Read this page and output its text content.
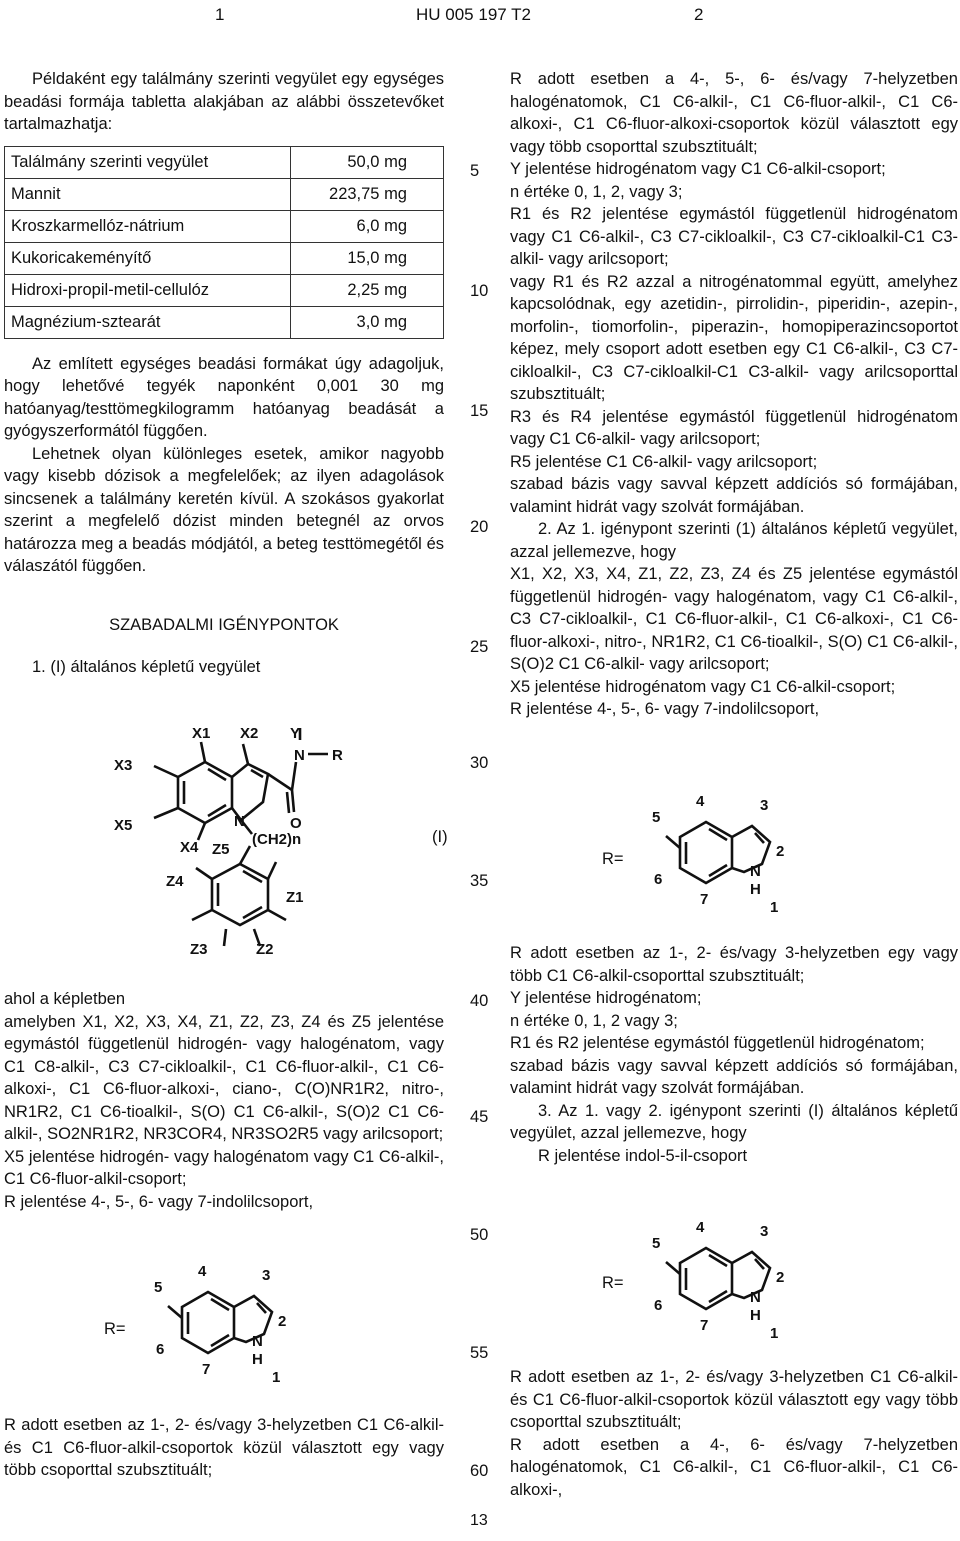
1	HU 005 197 T2	2
5
10
15
20
25
30
35
40
45
50
55
60

Példaként egy találmány szerinti vegyület egy egységes beadási formája tabletta alakjában az alábbi összetevőket tartalmazhatja:

Találmány szerinti vegyület	50,0 mg
Mannit	223,75 mg
Kroszkarmellóz-nátrium	6,0 mg
Kukoricakeményítő	15,0 mg
Hidroxi-propil-metil-cellulóz	2,25 mg
Magnézium-sztearát	3,0 mg

Az említett egységes beadási formákat úgy adagoljuk, hogy lehetővé tegyék naponként 0,001 30 mg hatóanyag/testtömegkilogramm hatóanyag beadását a gyógyszerformától függően.

Lehetnek olyan különleges esetek, amikor nagyobb vagy kisebb dózisok a megfelelőek; az ilyen adagolások sincsenek a találmány keretén kívül. A szokásos gyakorlat szerint a megfelelő dózist minden betegnél az orvos határozza meg a beadás módjától, a beteg testtömegétől és válaszától függően.

SZABADALMI IGÉNYPONTOK

1. (I) általános képletű vegyület

X1
X3
Y
X2
N R
X5	N	O
X4 Z5
(CH2)n
Z4
Z1
Z3	Z2
(I)

ahol a képletben

amelyben X1, X2, X3, X4, Z1, Z2, Z3, Z4 és Z5 jelentése egymástól függetlenül hidrogén- vagy halogénatom, vagy C1 C8-alkil-, C3 C7-cikloalkil-, C1 C6-fluor-alkil-, C1 C6-alkoxi-, C1 C6-fluor-alkoxi-, ciano-, C(O)NR1R2, nitro-, NR1R2, C1 C6-tioalkil-, S(O) C1 C6-alkil-, S(O)2 C1 C6-alkil-, SO2NR1R2, NR3COR4, NR3SO2R5 vagy arilcsoport;

X5 jelentése hidrogén- vagy halogénatom vagy C1 C6-alkil-, C1 C6-fluor-alkil-csoport;

R jelentése 4-, 5-, 6- vagy 7-indolilcsoport,

R=
4	3
5
2
6	N
H
7	1

R adott esetben az 1-, 2- és/vagy 3-helyzetben C1 C6-alkil- és C1 C6-fluor-alkil-csoportok közül választott egy vagy több csoporttal szubsztituált;

R adott esetben a 4-, 5-, 6- és/vagy 7-helyzetben halogénatomok, C1 C6-alkil-, C1 C6-fluor-alkil-, C1 C6-alkoxi-, C1 C6-fluor-alkoxi-csoportok közül választott egy vagy több csoporttal szubsztituált;

Y jelentése hidrogénatom vagy C1 C6-alkil-csoport;

n értéke 0, 1, 2, vagy 3;

R1 és R2 jelentése egymástól függetlenül hidrogénatom vagy C1 C6-alkil-, C3 C7-cikloalkil-, C3 C7-cikloalkil-C1 C3-alkil- vagy arilcsoport;

vagy R1 és R2 azzal a nitrogénatommal együtt, amelyhez kapcsolódnak, egy azetidin-, pirrolidin-, piperidin-, azepin-, morfolin-, tiomorfolin-, piperazin-, homopiperazincsoportot képez, mely csoport adott esetben egy C1 C6-alkil-, C3 C7-cikloalkil-, C3 C7-cikloalkil-C1 C3-alkil- vagy arilcsoporttal szubsztituált;

R3 és R4 jelentése egymástól függetlenül hidrogénatom vagy C1 C6-alkil- vagy arilcsoport;

R5 jelentése C1 C6-alkil- vagy arilcsoport;

szabad bázis vagy savval képzett addíciós só formájában, valamint hidrát vagy szolvát formájában.

2. Az 1. igénypont szerinti (1) általános képletű vegyület, azzal jellemezve, hogy

X1, X2, X3, X4, Z1, Z2, Z3, Z4 és Z5 jelentése egymástól függetlenül hidrogén- vagy halogénatom, vagy C1 C6-alkil-, C3 C7-cikloalkil-, C1 C6-fluor-alkil-, C1 C6-alkoxi-, C1 C6-fluor-alkoxi-, nitro-, NR1R2, C1 C6-tioalkil-, S(O) C1 C6-alkil-, S(O)2 C1 C6-alkil- vagy arilcsoport;

X5 jelentése hidrogénatom vagy C1 C6-alkil-csoport;

R jelentése 4-, 5-, 6- vagy 7-indolilcsoport,

R=
4	3
5
2
6	N
H
7	1

R adott esetben az 1-, 2- és/vagy 3-helyzetben egy vagy több C1 C6-alkil-csoporttal szubsztituált;

Y jelentése hidrogénatom;

n értéke 0, 1, 2 vagy 3;

R1 és R2 jelentése egymástól függetlenül hidrogénatom;

szabad bázis vagy savval képzett addíciós só formájában, valamint hidrát vagy szolvát formájában.

3. Az 1. vagy 2. igénypont szerinti (I) általános képletű vegyület, azzal jellemezve, hogy

R jelentése indol-5-il-csoport

R=
4	3
5
2
6	N
H
7	1

R adott esetben az 1-, 2- és/vagy 3-helyzetben C1 C6-alkil- és C1 C6-fluor-alkil-csoportok közül választott egy vagy több csoporttal szubsztituált;

R adott esetben a 4-, 6- és/vagy 7-helyzetben halogénatomok, C1 C6-alkil-, C1 C6-fluor-alkil-, C1 C6-alkoxi-,

13
